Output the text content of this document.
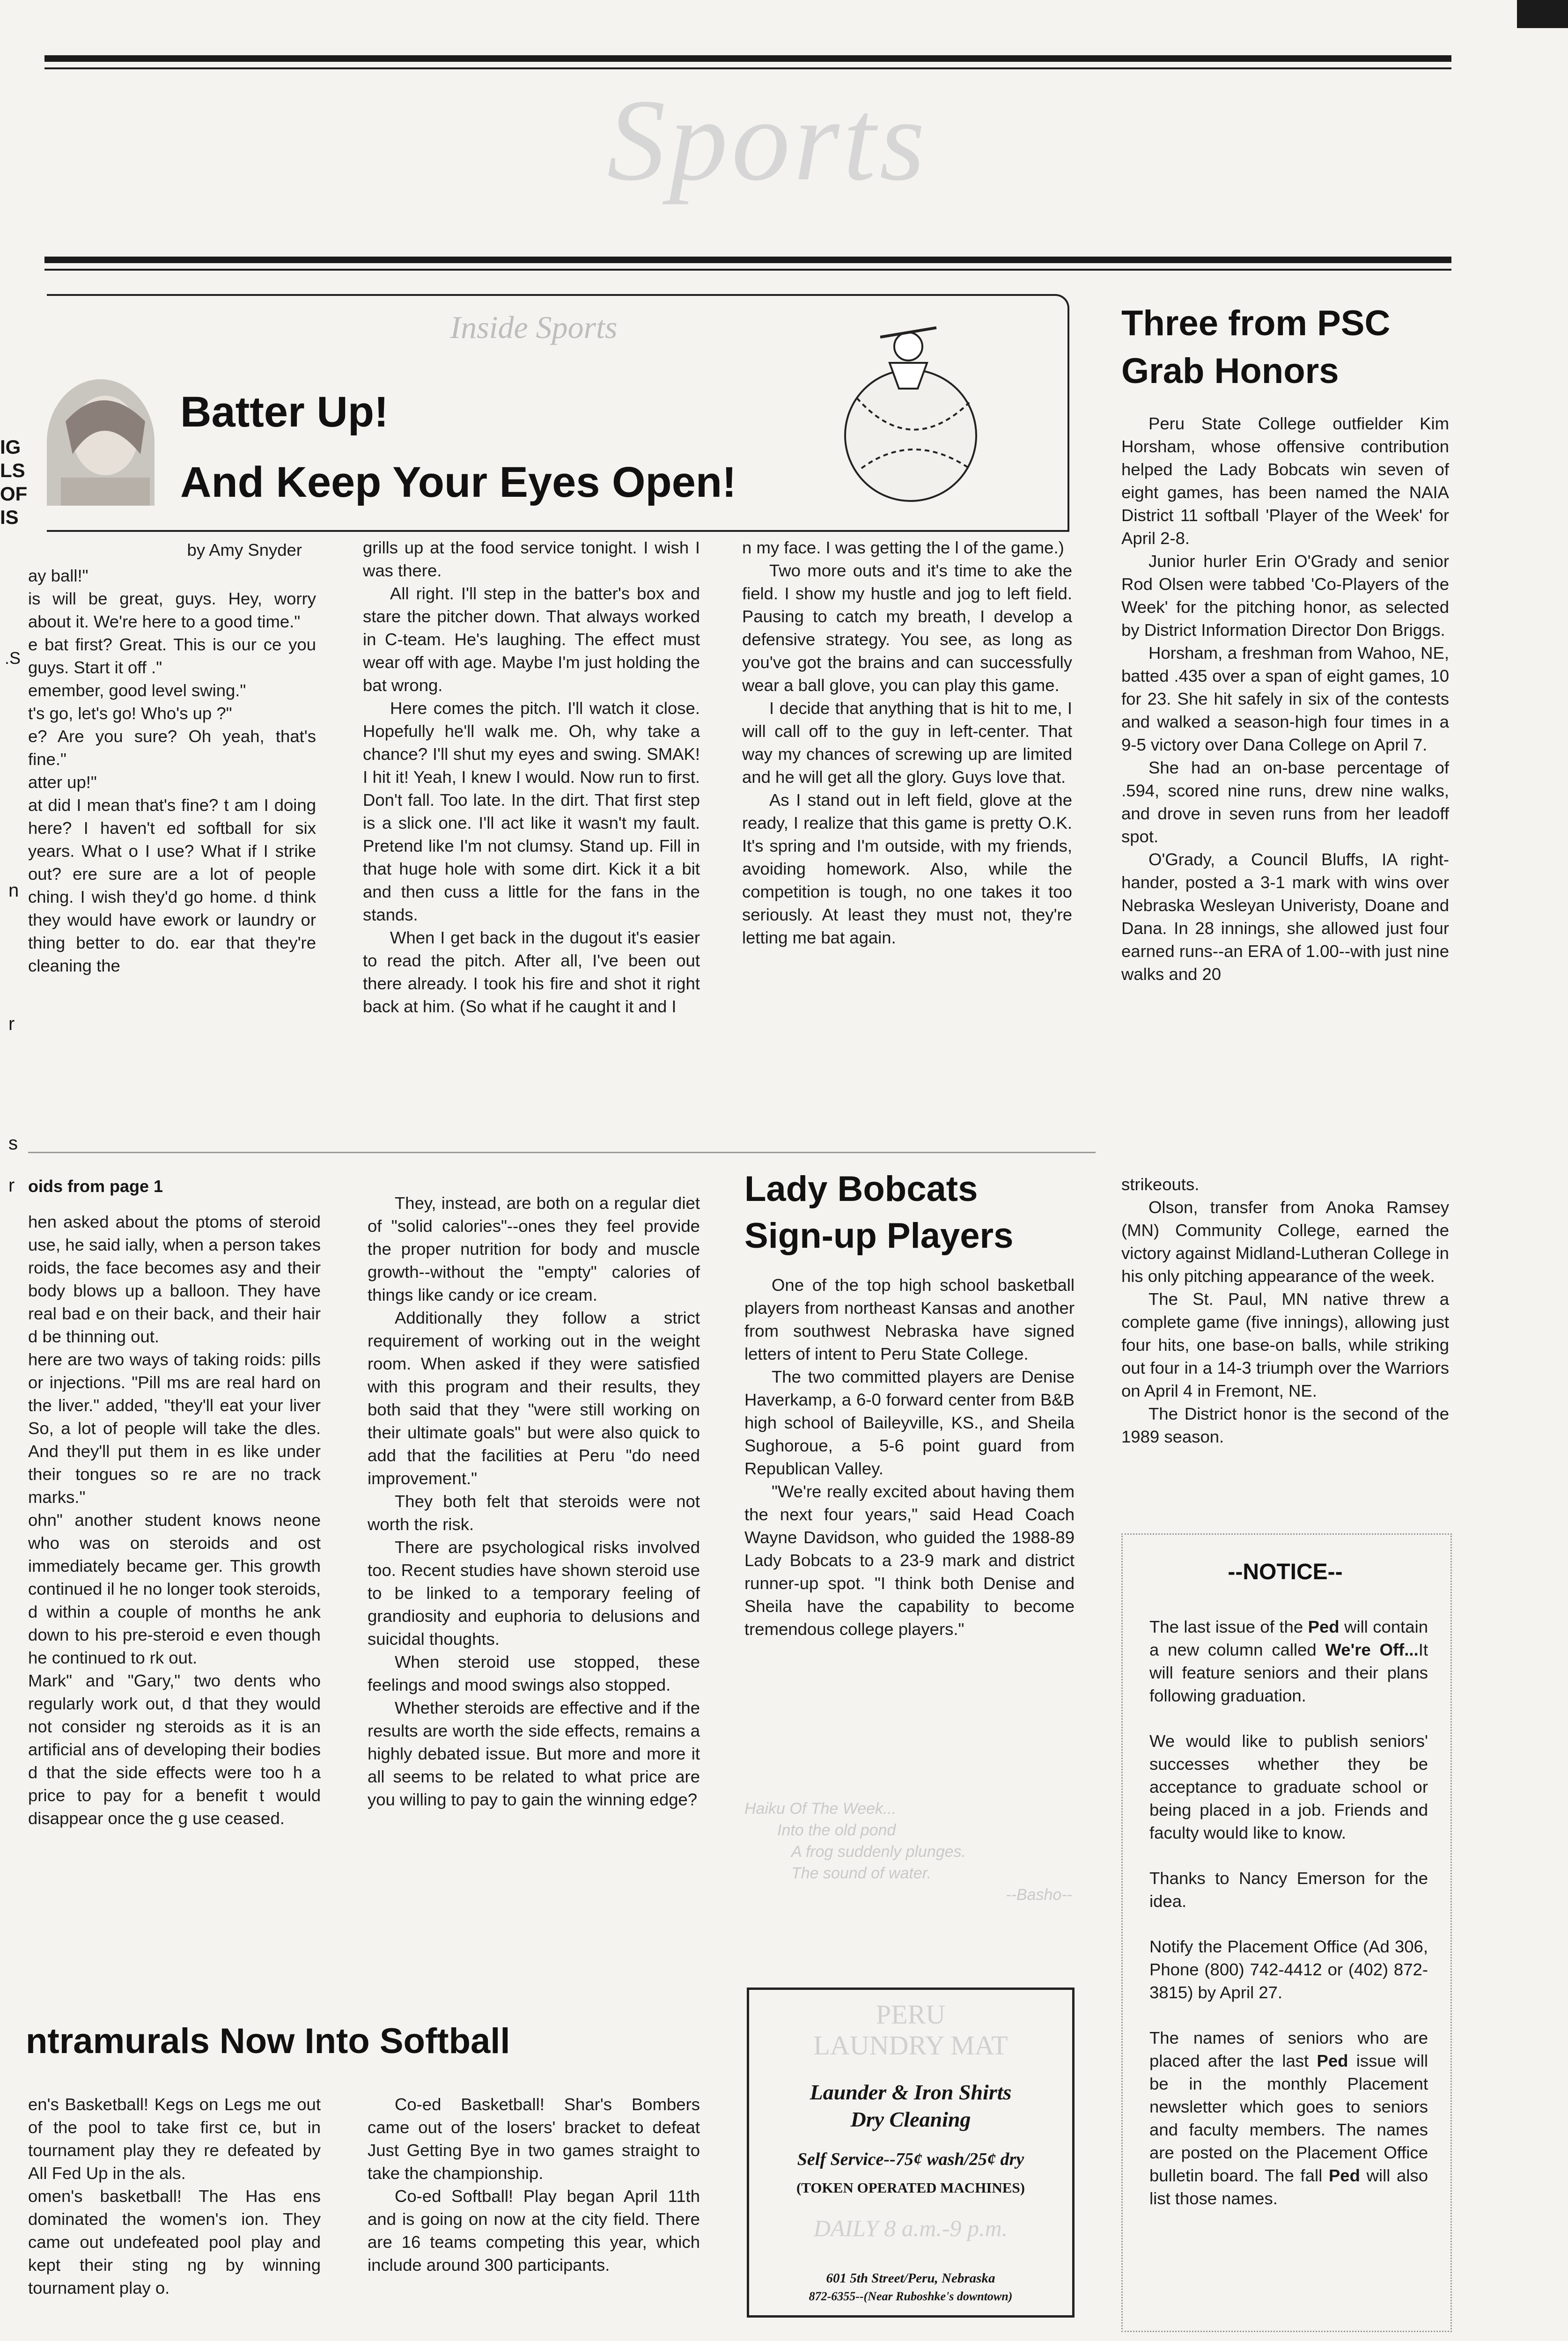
Sports
IG
LS
OF
IS
.S
n
r
s
r
Inside Sports
Batter Up!
And Keep Your Eyes Open!
by Amy Snyder

ay ball!"

is will be great, guys. Hey, worry about it. We're here to a good time."

e bat first? Great. This is our ce you guys. Start it off ."

emember, good level swing."

t's go, let's go! Who's up ?"

e? Are you sure? Oh yeah, that's fine."

atter up!"

at did I mean that's fine? t am I doing here? I haven't ed softball for six years. What o I use? What if I strike out? ere sure are a lot of people ching. I wish they'd go home. d think they would have ework or laundry or thing better to do. ear that they're cleaning the

grills up at the food service tonight. I wish I was there.

All right. I'll step in the batter's box and stare the pitcher down. That always worked in C-team. He's laughing. The effect must wear off with age. Maybe I'm just holding the bat wrong.

Here comes the pitch. I'll watch it close. Hopefully he'll walk me. Oh, why take a chance? I'll shut my eyes and swing. SMAK! I hit it! Yeah, I knew I would. Now run to first. Don't fall. Too late. In the dirt. That first step is a slick one. I'll act like it wasn't my fault. Pretend like I'm not clumsy. Stand up. Fill in that huge hole with some dirt. Kick it a bit and then cuss a little for the fans in the stands.

When I get back in the dugout it's easier to read the pitch. After all, I've been out there already. I took his fire and shot it right back at him. (So what if he caught it and I

n my face. I was getting the l of the game.)

Two more outs and it's time to ake the field. I show my hustle and jog to left field. Pausing to catch my breath, I develop a defensive strategy. You see, as long as you've got the brains and can successfully wear a ball glove, you can play this game.

I decide that anything that is hit to me, I will call off to the guy in left-center. That way my chances of screwing up are limited and he will get all the glory. Guys love that.

As I stand out in left field, glove at the ready, I realize that this game is pretty O.K. It's spring and I'm outside, with my friends, avoiding homework. Also, while the competition is tough, no one takes it too seriously. At least they must not, they're letting me bat again.

Three from PSC
Grab Honors

Peru State College outfielder Kim Horsham, whose offensive contribution helped the Lady Bobcats win seven of eight games, has been named the NAIA District 11 softball 'Player of the Week' for April 2-8.

Junior hurler Erin O'Grady and senior Rod Olsen were tabbed 'Co-Players of the Week' for the pitching honor, as selected by District Information Director Don Briggs.

Horsham, a freshman from Wahoo, NE, batted .435 over a span of eight games, 10 for 23. She hit safely in six of the contests and walked a season-high four times in a 9-5 victory over Dana College on April 7.

She had an on-base percentage of .594, scored nine runs, drew nine walks, and drove in seven runs from her leadoff spot.

O'Grady, a Council Bluffs, IA right-hander, posted a 3-1 mark with wins over Nebraska Wesleyan Univeristy, Doane and Dana. In 28 innings, she allowed just four earned runs--an ERA of 1.00--with just nine walks and 20

strikeouts.

Olson, transfer from Anoka Ramsey (MN) Community College, earned the victory against Midland-Lutheran College in his only pitching appearance of the week.

The St. Paul, MN native threw a complete game (five innings), allowing just four hits, one base-on balls, while striking out four in a 14-3 triumph over the Warriors on April 4 in Fremont, NE.

The District honor is the second of the 1989 season.

oids from page 1

hen asked about the ptoms of steroid use, he said ially, when a person takes roids, the face becomes asy and their body blows up a balloon. They have real bad e on their back, and their hair d be thinning out.

here are two ways of taking roids: pills or injections. "Pill ms are real hard on the liver." added, "they'll eat your liver So, a lot of people will take the dles. And they'll put them in es like under their tongues so re are no track marks."

ohn" another student knows neone who was on steroids and ost immediately became ger. This growth continued il he no longer took steroids, d within a couple of months he ank down to his pre-steroid e even though he continued to rk out.

Mark" and "Gary," two dents who regularly work out, d that they would not consider ng steroids as it is an artificial ans of developing their bodies d that the side effects were too h a price to pay for a benefit t would disappear once the g use ceased.

They, instead, are both on a regular diet of "solid calories"--ones they feel provide the proper nutrition for body and muscle growth--without the "empty" calories of things like candy or ice cream.

Additionally they follow a strict requirement of working out in the weight room. When asked if they were satisfied with this program and their results, they both said that they "were still working on their ultimate goals" but were also quick to add that the facilities at Peru "do need improvement."

They both felt that steroids were not worth the risk.

There are psychological risks involved too. Recent studies have shown steroid use to be linked to a temporary feeling of grandiosity and euphoria to delusions and suicidal thoughts.

When steroid use stopped, these feelings and mood swings also stopped.

Whether steroids are effective and if the results are worth the side effects, remains a highly debated issue. But more and more it all seems to be related to what price are you willing to pay to gain the winning edge?

Lady Bobcats
Sign-up Players

One of the top high school basketball players from northeast Kansas and another from southwest Nebraska have signed letters of intent to Peru State College.

The two committed players are Denise Haverkamp, a 6-0 forward center from B&B high school of Baileyville, KS., and Sheila Sughoroue, a 5-6 point guard from Republican Valley.

"We're really excited about having them the next four years," said Head Coach Wayne Davidson, who guided the 1988-89 Lady Bobcats to a 23-9 mark and district runner-up spot. "I think both Denise and Sheila have the capability to become tremendous college players."

Haiku Of The Week...
Into the old pond
A frog suddenly plunges.
The sound of water.
--Basho--
PERU
LAUNDRY MAT
Launder & Iron Shirts
Dry Cleaning
Self Service--75¢ wash/25¢ dry
(TOKEN OPERATED MACHINES)
DAILY 8 a.m.-9 p.m.
601 5th Street/Peru, Nebraska
872-6355--(Near Ruboshke's downtown)
--NOTICE--

The last issue of the Ped will contain a new column called We're Off...It will feature seniors and their plans following graduation.

We would like to publish seniors' successes whether they be acceptance to graduate school or being placed in a job. Friends and faculty would like to know.

Thanks to Nancy Emerson for the idea.

Notify the Placement Office (Ad 306, Phone (800) 742-4412 or (402) 872-3815) by April 27.

The names of seniors who are placed after the last Ped issue will be in the monthly Placement newsletter which goes to seniors and faculty members. The names are posted on the Placement Office bulletin board. The fall Ped will also list those names.

ntramurals Now Into Softball

en's Basketball! Kegs on Legs me out of the pool to take first ce, but in tournament play they re defeated by All Fed Up in the als.

omen's basketball! The Has ens dominated the women's ion. They came out undefeated pool play and kept their sting ng by winning tournament play o.

Co-ed Basketball! Shar's Bombers came out of the losers' bracket to defeat Just Getting Bye in two games straight to take the championship.

Co-ed Softball! Play began April 11th and is going on now at the city field. There are 16 teams competing this year, which include around 300 participants.
